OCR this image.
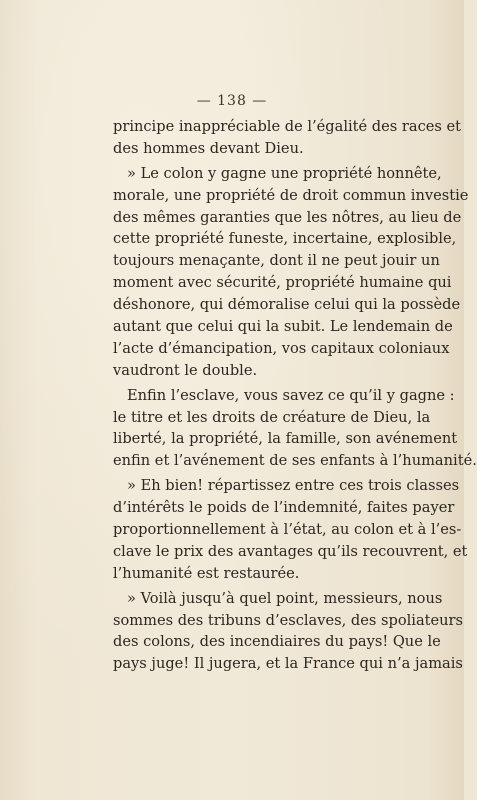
— 138 —
principe inappréciable de l’égalité des races et
des hommes devant Dieu.
» Le colon y gagne une propriété honnête,
morale, une propriété de droit commun investie
des mêmes garanties que les nôtres, au lieu de
cette propriété funeste, incertaine, explosible,
toujours menaçante, dont il ne peut jouir un
moment avec sécurité, propriété humaine qui
déshonore, qui démoralise celui qui la possède
autant que celui qui la subit. Le lendemain de
l’acte d’émancipation, vos capitaux coloniaux
vaudront le double.
Enfin l’esclave, vous savez ce qu’il y gagne :
le titre et les droits de créature de Dieu, la
liberté, la propriété, la famille, son avénement
enfin et l’avénement de ses enfants à l’humanité.
» Eh bien! répartissez entre ces trois classes
d’intérêts le poids de l’indemnité, faites payer
proportionnellement à l’état, au colon et à l’es-
clave le prix des avantages qu’ils recouvrent, et
l’humanité est restaurée.
» Voilà jusqu’à quel point, messieurs, nous
sommes des tribuns d’esclaves, des spoliateurs
des colons, des incendiaires du pays! Que le
pays juge! Il jugera, et la France qui n’a jamais
